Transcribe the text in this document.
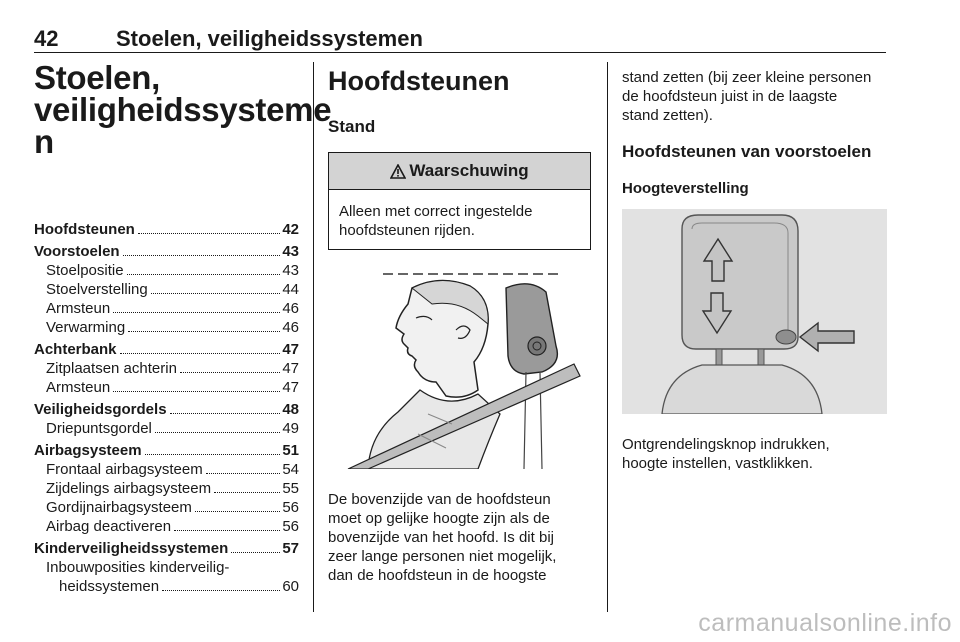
42	Stoelen, veiligheidssystemen
Stoelen,
veiligheidssysteme
n
Hoofdsteunen	42
Voorstoelen	43
Stoelpositie	43
Stoelverstelling	44
Armsteun	46
Verwarming	46
Achterbank	47
Zitplaatsen achterin	47
Armsteun	47
Veiligheidsgordels	48
Driepuntsgordel	49
Airbagsysteem	51
Frontaal airbagsysteem	54
Zijdelings airbagsysteem	55
Gordijnairbagsysteem	56
Airbag deactiveren	56
Kinderveiligheidssystemen	57
Inbouwposities kinderveilig-
heidssystemen	60
Hoofdsteunen
Stand
Waarschuwing
Alleen met correct ingestelde hoofdsteunen rijden.
De bovenzijde van de hoofdsteun
moet op gelijke hoogte zijn als de
bovenzijde van het hoofd. Is dit bij
zeer lange personen niet mogelijk,
dan de hoofdsteun in de hoogste
stand zetten (bij zeer kleine personen
de hoofdsteun juist in de laagste
stand zetten).
Hoofdsteunen van voorstoelen
Hoogteverstelling
Ontgrendelingsknop indrukken,
hoogte instellen, vastklikken.
carmanualsonline.info
